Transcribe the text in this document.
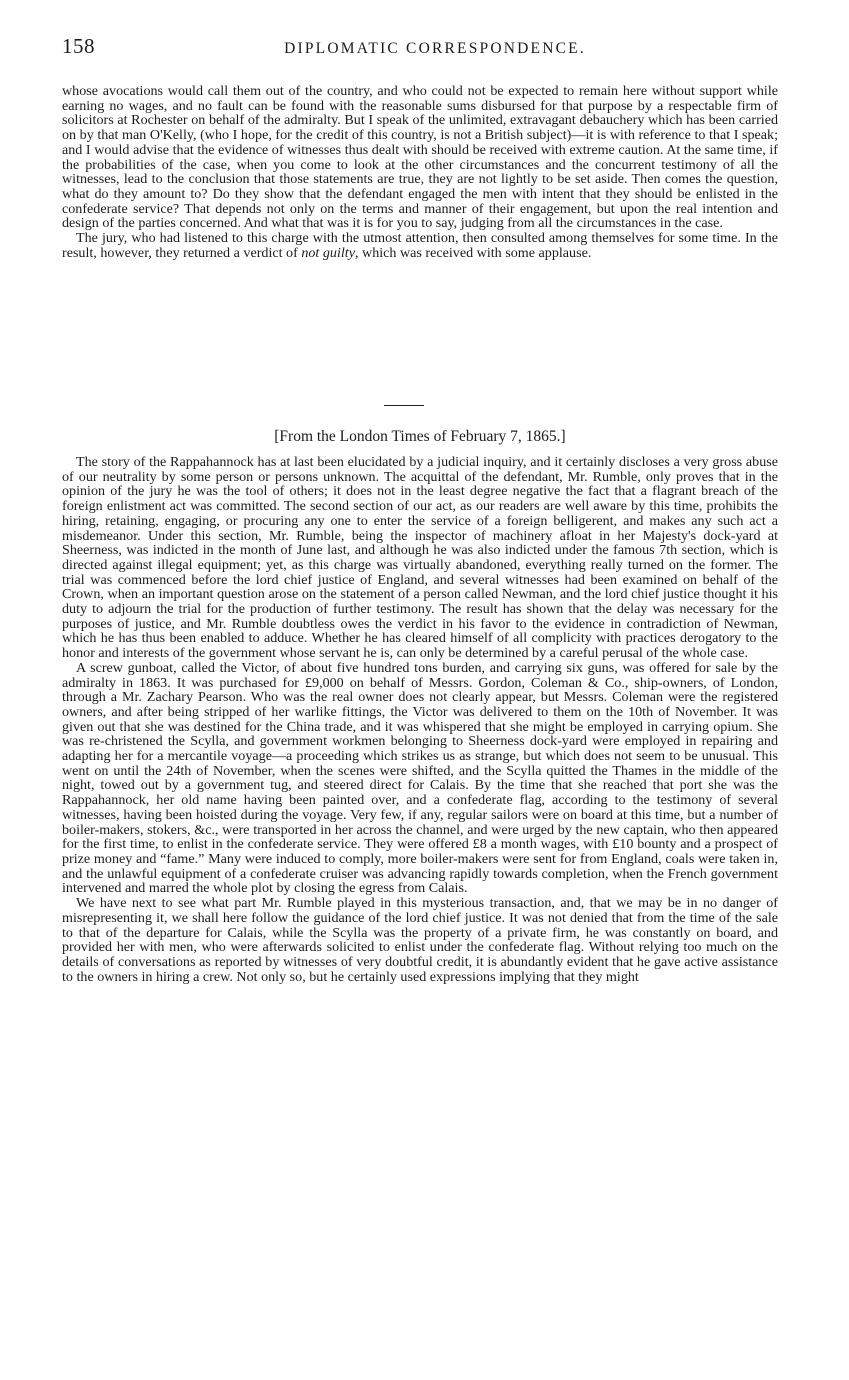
158	DIPLOMATIC CORRESPONDENCE.

whose avocations would call them out of the country, and who could not be expected to remain here without support while earning no wages, and no fault can be found with the reasonable sums disbursed for that purpose by a respectable firm of solicitors at Rochester on behalf of the admiralty. But I speak of the unlimited, extravagant debauchery which has been carried on by that man O'Kelly, (who I hope, for the credit of this country, is not a British subject)—it is with reference to that I speak; and I would advise that the evidence of witnesses thus dealt with should be received with extreme caution. At the same time, if the probabilities of the case, when you come to look at the other circumstances and the concurrent testimony of all the witnesses, lead to the conclusion that those statements are true, they are not lightly to be set aside. Then comes the question, what do they amount to? Do they show that the defendant engaged the men with intent that they should be enlisted in the confederate service? That depends not only on the terms and manner of their engagement, but upon the real intention and design of the parties concerned. And what that was it is for you to say, judging from all the circumstances in the case.

The jury, who had listened to this charge with the utmost attention, then consulted among themselves for some time. In the result, however, they returned a verdict of not guilty, which was received with some applause.

[From the London Times of February 7, 1865.]

The story of the Rappahannock has at last been elucidated by a judicial inquiry, and it certainly discloses a very gross abuse of our neutrality by some person or persons unknown. The acquittal of the defendant, Mr. Rumble, only proves that in the opinion of the jury he was the tool of others; it does not in the least degree negative the fact that a flagrant breach of the foreign enlistment act was committed. The second section of our act, as our readers are well aware by this time, prohibits the hiring, retaining, engaging, or procuring any one to enter the service of a foreign belligerent, and makes any such act a misdemeanor. Under this section, Mr. Rumble, being the inspector of machinery afloat in her Majesty's dock-yard at Sheerness, was indicted in the month of June last, and although he was also indicted under the famous 7th section, which is directed against illegal equipment; yet, as this charge was virtually abandoned, everything really turned on the former. The trial was commenced before the lord chief justice of England, and several witnesses had been examined on behalf of the Crown, when an important question arose on the statement of a person called Newman, and the lord chief justice thought it his duty to adjourn the trial for the production of further testimony. The result has shown that the delay was necessary for the purposes of justice, and Mr. Rumble doubtless owes the verdict in his favor to the evidence in contradiction of Newman, which he has thus been enabled to adduce. Whether he has cleared himself of all complicity with practices derogatory to the honor and interests of the government whose servant he is, can only be determined by a careful perusal of the whole case.

A screw gunboat, called the Victor, of about five hundred tons burden, and carrying six guns, was offered for sale by the admiralty in 1863. It was purchased for £9,000 on behalf of Messrs. Gordon, Coleman & Co., ship-owners, of London, through a Mr. Zachary Pearson. Who was the real owner does not clearly appear, but Messrs. Coleman were the registered owners, and after being stripped of her warlike fittings, the Victor was delivered to them on the 10th of November. It was given out that she was destined for the China trade, and it was whispered that she might be employed in carrying opium. She was re-christened the Scylla, and government workmen belonging to Sheerness dock-yard were employed in repairing and adapting her for a mercantile voyage—a proceeding which strikes us as strange, but which does not seem to be unusual. This went on until the 24th of November, when the scenes were shifted, and the Scylla quitted the Thames in the middle of the night, towed out by a government tug, and steered direct for Calais. By the time that she reached that port she was the Rappahannock, her old name having been painted over, and a confederate flag, according to the testimony of several witnesses, having been hoisted during the voyage. Very few, if any, regular sailors were on board at this time, but a number of boiler-makers, stokers, &c., were transported in her across the channel, and were urged by the new captain, who then appeared for the first time, to enlist in the confederate service. They were offered £8 a month wages, with £10 bounty and a prospect of prize money and “fame.” Many were induced to comply, more boiler-makers were sent for from England, coals were taken in, and the unlawful equipment of a confederate cruiser was advancing rapidly towards completion, when the French government intervened and marred the whole plot by closing the egress from Calais.

We have next to see what part Mr. Rumble played in this mysterious transaction, and, that we may be in no danger of misrepresenting it, we shall here follow the guidance of the lord chief justice. It was not denied that from the time of the sale to that of the departure for Calais, while the Scylla was the property of a private firm, he was constantly on board, and provided her with men, who were afterwards solicited to enlist under the confederate flag. Without relying too much on the details of conversations as reported by witnesses of very doubtful credit, it is abundantly evident that he gave active assistance to the owners in hiring a crew. Not only so, but he certainly used expressions implying that they might
